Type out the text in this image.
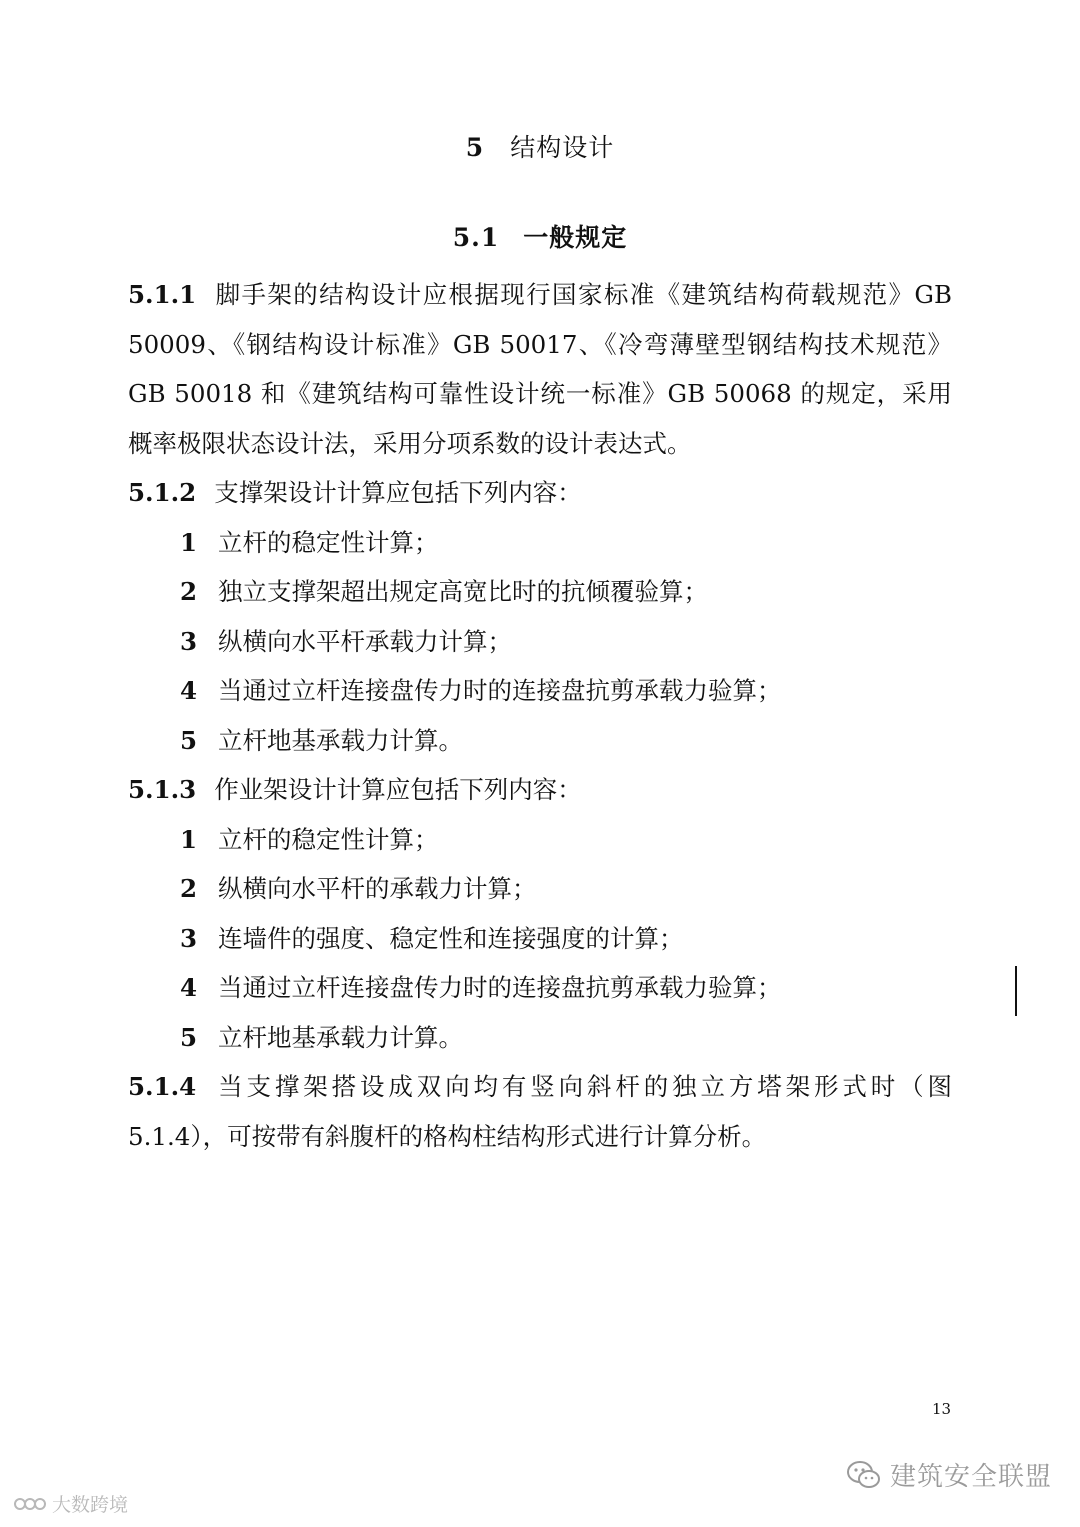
5 结构设计
5.1 一般规定

5.1.1 脚手架的结构设计应根据现行国家标准《建筑结构荷载规范》GB 50009、《钢结构设计标准》GB 50017、《冷弯薄壁型钢结构技术规范》GB 50018 和《建筑结构可靠性设计统一标准》GB 50068 的规定，采用概率极限状态设计法，采用分项系数的设计表达式。

5.1.2 支撑架设计计算应包括下列内容：

1 立杆的稳定性计算；

2 独立支撑架超出规定高宽比时的抗倾覆验算；

3 纵横向水平杆承载力计算；

4 当通过立杆连接盘传力时的连接盘抗剪承载力验算；

5 立杆地基承载力计算。

5.1.3 作业架设计计算应包括下列内容：

1 立杆的稳定性计算；

2 纵横向水平杆的承载力计算；

3 连墙件的强度、稳定性和连接强度的计算；

4 当通过立杆连接盘传力时的连接盘抗剪承载力验算；

5 立杆地基承载力计算。

5.1.4 当支撑架搭设成双向均有竖向斜杆的独立方塔架形式时（图 5.1.4），可按带有斜腹杆的格构柱结构形式进行计算分析。

13
建筑安全联盟
大数跨境
